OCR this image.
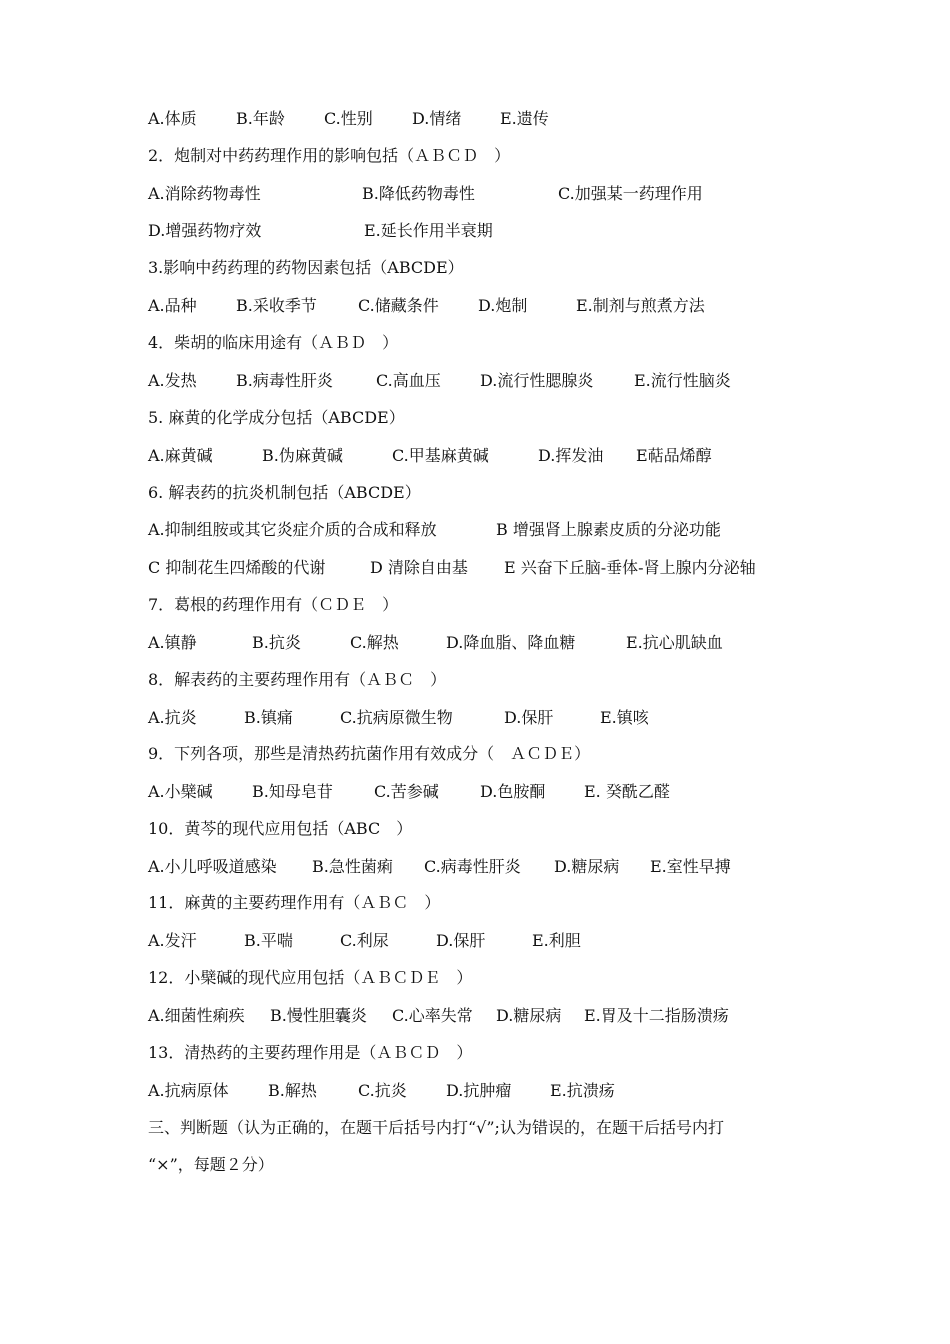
A.体质 B.年龄 C.性别 D.情绪 E.遗传
2．炮制对中药药理作用的影响包括（ＡＢＣＤ　）
A.消除药物毒性	B.降低药物毒性	C.加强某一药理作用
D.增强药物疗效	E.延长作用半衰期
3.影响中药药理的药物因素包括（ABCDE）
A.品种 B.采收季节	C.储藏条件 D.炮制	E.制剂与煎煮方法
4．柴胡的临床用途有（ＡＢＤ　）
A.发热 B.病毒性肝炎	C.高血压 D.流行性腮腺炎	E.流行性脑炎
5. 麻黄的化学成分包括（ABCDE）
A.麻黄碱	B.伪麻黄碱	C.甲基麻黄碱	D.挥发油 E萜品烯醇
6. 解表药的抗炎机制包括（ABCDE）
A.抑制组胺或其它炎症介质的合成和释放	B 增强肾上腺素皮质的分泌功能
C 抑制花生四烯酸的代谢	D 清除自由基 E 兴奋下丘脑-垂体-肾上腺内分泌轴
7．葛根的药理作用有（ＣＤＥ　）
A.镇静	B.抗炎	C.解热	D.降血脂、降血糖	E.抗心肌缺血
8．解表药的主要药理作用有（ＡＢＣ　）
A.抗炎	B.镇痛	C.抗病原微生物	D.保肝	E.镇咳
9．下列各项，那些是清热药抗菌作用有效成分（　ＡＣＤＥ）
A.小檗碱 B.知母皂苷	C.苦参碱	D.色胺酮 E. 癸酰乙醛
10．黄芩的现代应用包括（ABC　）
A.小儿呼吸道感染 B.急性菌痢 C.病毒性肝炎 D.糖尿病 E.室性早搏
11．麻黄的主要药理作用有（ＡＢＣ　）
A.发汗	B.平喘	C.利尿	D.保肝	E.利胆
12．小檗碱的现代应用包括（ＡＢＣＤＥ　）
A.细菌性痢疾 B.慢性胆囊炎 C.心率失常 D.糖尿病 E.胃及十二指肠溃疡
13．清热药的主要药理作用是（ＡＢＣＤ　）
A.抗病原体 B.解热	C.抗炎 D.抗肿瘤 E.抗溃疡
三、判断题（认为正确的，在题干后括号内打“√”;认为错误的，在题干后括号内打
“×”，每题２分）
